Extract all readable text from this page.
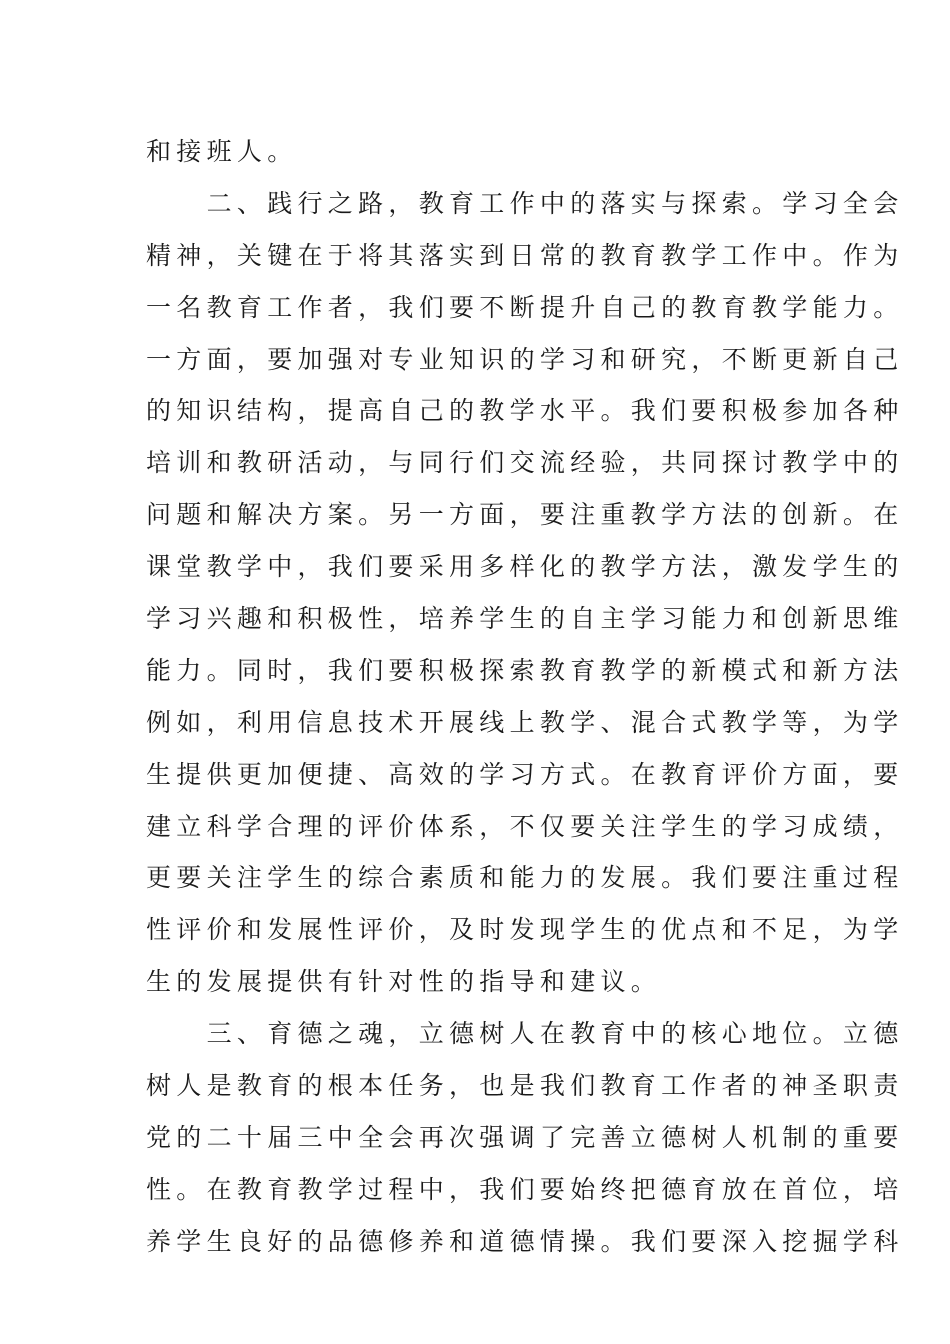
和接班人。
　　二、践行之路，教育工作中的落实与探索。学习全会
精神，关键在于将其落实到日常的教育教学工作中。作为
一名教育工作者，我们要不断提升自己的教育教学能力。
一方面，要加强对专业知识的学习和研究，不断更新自己
的知识结构，提高自己的教学水平。我们要积极参加各种
培训和教研活动，与同行们交流经验，共同探讨教学中的
问题和解决方案。另一方面，要注重教学方法的创新。在
课堂教学中，我们要采用多样化的教学方法，激发学生的
学习兴趣和积极性，培养学生的自主学习能力和创新思维
能力。同时，我们要积极探索教育教学的新模式和新方法
例如，利用信息技术开展线上教学、混合式教学等，为学
生提供更加便捷、高效的学习方式。在教育评价方面，要
建立科学合理的评价体系，不仅要关注学生的学习成绩，
更要关注学生的综合素质和能力的发展。我们要注重过程
性评价和发展性评价，及时发现学生的优点和不足，为学
生的发展提供有针对性的指导和建议。
　　三、育德之魂，立德树人在教育中的核心地位。立德
树人是教育的根本任务，也是我们教育工作者的神圣职责
党的二十届三中全会再次强调了完善立德树人机制的重要
性。在教育教学过程中，我们要始终把德育放在首位，培
养学生良好的品德修养和道德情操。我们要深入挖掘学科
